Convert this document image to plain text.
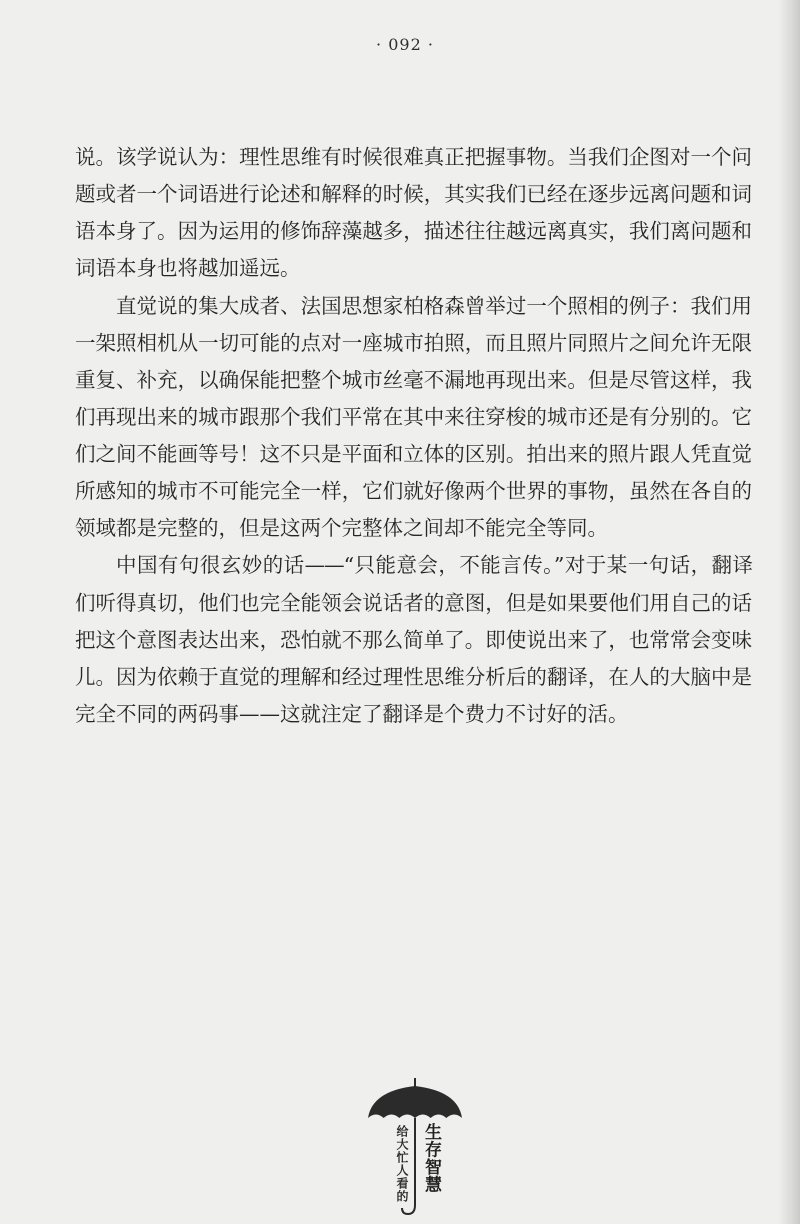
· 092 ·
说。该学说认为：理性思维有时候很难真正把握事物。当我们企图对一个问
题或者一个词语进行论述和解释的时候，其实我们已经在逐步远离问题和词
语本身了。因为运用的修饰辞藻越多，描述往往越远离真实，我们离问题和
词语本身也将越加遥远。
直觉说的集大成者、法国思想家柏格森曾举过一个照相的例子：我们用
一架照相机从一切可能的点对一座城市拍照，而且照片同照片之间允许无限
重复、补充，以确保能把整个城市丝毫不漏地再现出来。但是尽管这样，我
们再现出来的城市跟那个我们平常在其中来往穿梭的城市还是有分别的。它
们之间不能画等号！这不只是平面和立体的区别。拍出来的照片跟人凭直觉
所感知的城市不可能完全一样，它们就好像两个世界的事物，虽然在各自的
领域都是完整的，但是这两个完整体之间却不能完全等同。
中国有句很玄妙的话——“只能意会，不能言传。”对于某一句话，翻译
们听得真切，他们也完全能领会说话者的意图，但是如果要他们用自己的话
把这个意图表达出来，恐怕就不那么简单了。即使说出来了，也常常会变味
儿。因为依赖于直觉的理解和经过理性思维分析后的翻译，在人的大脑中是
完全不同的两码事——这就注定了翻译是个费力不讨好的活。
给大忙人看的 生存智慧
